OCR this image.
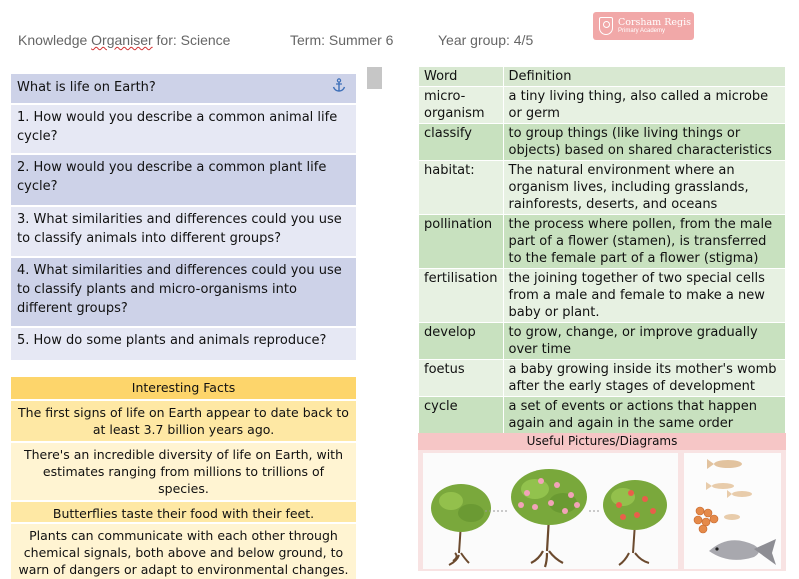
Knowledge Organiser for: Science	Term: Summer 6	Year group: 4/5
Corsham Regis
Primary Academy
What is life on Earth?
1. How would you describe a common animal life cycle?
2. How would you describe a common plant life cycle?
3. What similarities and differences could you use to classify animals into different groups?
4. What similarities and differences could you use to classify plants and micro-organisms into different groups?
5. How do some plants and animals reproduce?
Interesting Facts
The first signs of life on Earth appear to date back to at least 3.7 billion years ago.
There's an incredible diversity of life on Earth, with estimates ranging from millions to trillions of species.
Butterflies taste their food with their feet.
Plants can communicate with each other through chemical signals, both above and below ground, to warn of dangers or adapt to environmental changes.
Word	Definition
micro-organism	a tiny living thing, also called a microbe or germ
classify	to group things (like living things or objects) based on shared characteristics
habitat:	The natural environment where an organism lives, including grasslands, rainforests, deserts, and oceans
pollination	the process where pollen, from the male part of a flower (stamen), is transferred to the female part of a flower (stigma)
fertilisation	the joining together of two special cells from a male and female to make a new baby or plant.
develop	to grow, change, or improve gradually over time
foetus	a baby growing inside its mother's womb after the early stages of development
cycle	a set of events or actions that happen again and again in the same order
Useful Pictures/Diagrams
